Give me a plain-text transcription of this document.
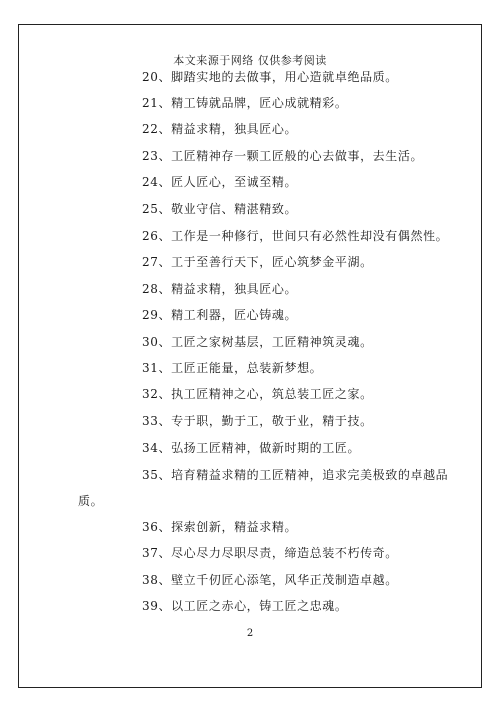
本文来源于网络 仅供参考阅读
20、脚踏实地的去做事，用心造就卓绝品质。
21、精工铸就品牌，匠心成就精彩。
22、精益求精，独具匠心。
23、工匠精神存一颗工匠般的心去做事，去生活。
24、匠人匠心，至诚至精。
25、敬业守信、精湛精致。
26、工作是一种修行，世间只有必然性却没有偶然性。
27、工于至善行天下，匠心筑梦金平湖。
28、精益求精，独具匠心。
29、精工利器，匠心铸魂。
30、工匠之家树基层，工匠精神筑灵魂。
31、工匠正能量，总装新梦想。
32、执工匠精神之心，筑总装工匠之家。
33、专于职，勤于工，敬于业，精于技。
34、弘扬工匠精神，做新时期的工匠。
35、培育精益求精的工匠精神，追求完美极致的卓越品
质。
36、探索创新，精益求精。
37、尽心尽力尽职尽责，缔造总装不朽传奇。
38、壁立千仞匠心添笔，风华正茂制造卓越。
39、以工匠之赤心，铸工匠之忠魂。
2
